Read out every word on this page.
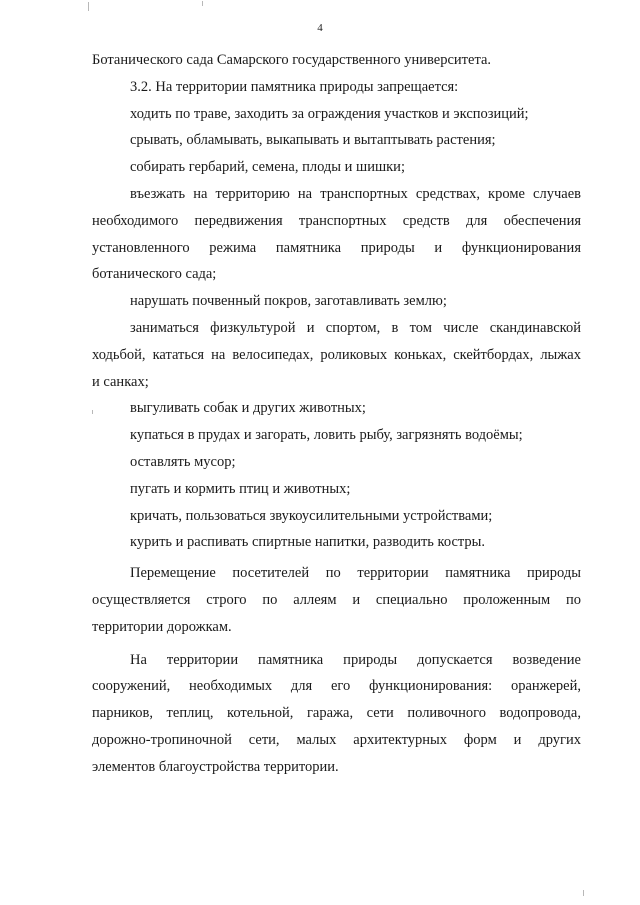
4
Ботанического сада Самарского государственного университета.
3.2. На территории памятника природы запрещается:
ходить по траве, заходить за ограждения участков и экспозиций;
срывать, обламывать, выкапывать и вытаптывать растения;
собирать гербарий, семена, плоды и шишки;
въезжать на территорию на транспортных средствах, кроме случаев
необходимого передвижения транспортных средств для обеспечения
установленного режима памятника природы и функционирования
ботанического сада;
нарушать почвенный покров, заготавливать землю;
заниматься физкультурой и спортом, в том числе скандинавской
ходьбой, кататься на велосипедах, роликовых коньках, скейтбордах, лыжах
и санках;
выгуливать собак и других животных;
купаться в прудах и загорать, ловить рыбу, загрязнять водоёмы;
оставлять мусор;
пугать и кормить птиц и животных;
кричать, пользоваться звукоусилительными устройствами;
курить и распивать спиртные напитки, разводить костры.
Перемещение посетителей по территории памятника природы
осуществляется строго по аллеям и специально проложенным по
территории дорожкам.
На территории памятника природы допускается возведение
сооружений, необходимых для его функционирования: оранжерей,
парников, теплиц, котельной, гаража, сети поливочного водопровода,
дорожно-тропиночной сети, малых архитектурных форм и других
элементов благоустройства территории.
